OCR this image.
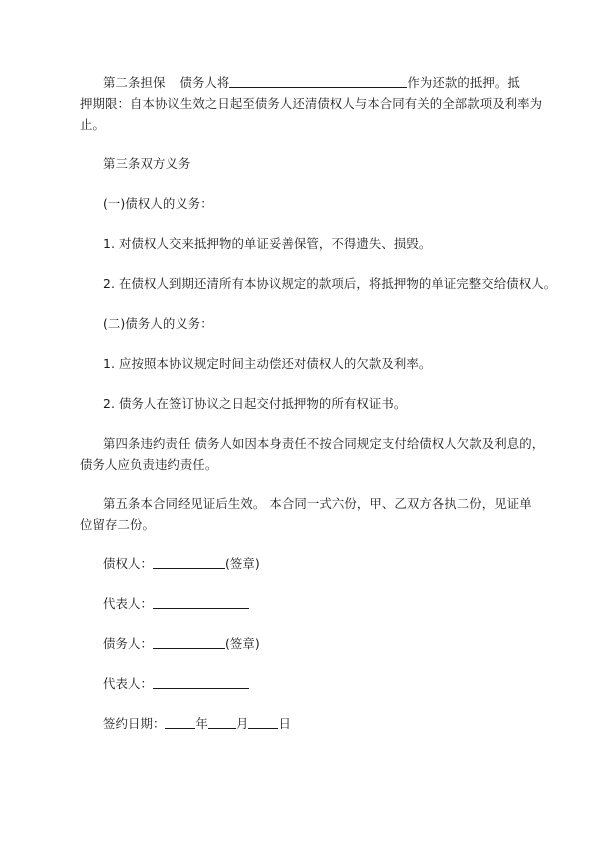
第二条担保 债务人将	作为还款的抵押。抵
押期限：自本协议生效之日起至债务人还清债权人与本合同有关的全部款项及利率为
止。
第三条双方义务
(一)债权人的义务：
1. 对债权人交来抵押物的单证妥善保管，不得遗失、损毁。
2. 在债权人到期还清所有本协议规定的款项后，将抵押物的单证完整交给债权人。
(二)债务人的义务：
1. 应按照本协议规定时间主动偿还对债权人的欠款及利率。
2. 债务人在签订协议之日起交付抵押物的所有权证书。
第四条违约责任 债务人如因本身责任不按合同规定支付给债权人欠款及利息的，
债务人应负责违约责任。
第五条本合同经见证后生效。 本合同一式六份，甲、乙双方各执二份，见证单
位留存二份。
债权人：	(签章)
代表人：
债务人：	(签章)
代表人：
签约日期： 年 月 日
